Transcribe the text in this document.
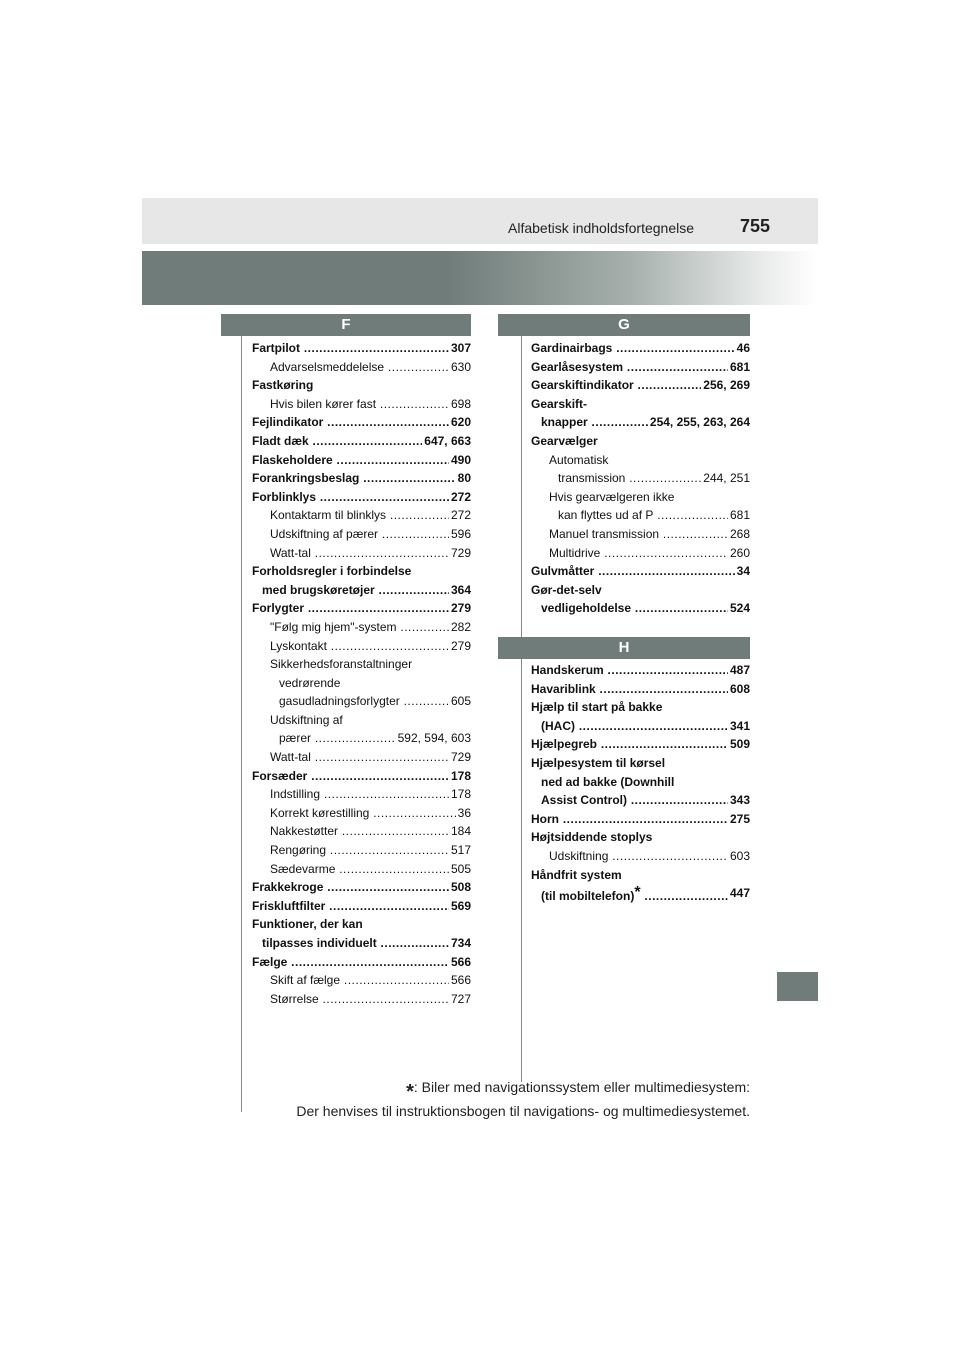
Alfabetisk indholdsfortegnelse	755
F	G
H
Fartpilot	307
.....
Advarselsmeddelelse	630
.....
Fastkøring
Hvis bilen kører fast	698
.....
Fejlindikator	620
.....
Fladt dæk	647, 663
.....
Flaskeholdere	490
.....
Forankringsbeslag	80
.....
Forblinklys	272
.....
Kontaktarm til blinklys	272
.....
Udskiftning af pærer	596
.....
Watt-tal	729
.....
Forholdsregler i forbindelse
med brugskøretøjer	364
.....
Forlygter	279
.....
"Følg mig hjem"-system	282
.....
Lyskontakt	279
.....
Sikkerhedsforanstaltninger
vedrørende
gasudladningsforlygter	605
.....
Udskiftning af
pærer	592, 594, 603
.....
Watt-tal	729
.....
Forsæder	178
.....
Indstilling	178
.....
Korrekt kørestilling	36
.....
Nakkestøtter	184
.....
Rengøring	517
.....
Sædevarme	505
.....
Frakkekroge	508
.....
Friskluftfilter	569
.....
Funktioner, der kan
tilpasses individuelt	734
.....
Fælge	566
.....
Skift af fælge	566
.....
Størrelse	727
.....
Gardinairbags	46
.....
Gearlåsesystem	681
.....
Gearskiftindikator	256, 269
.....
Gearskift-
knapper	254, 255, 263, 264
.....
Gearvælger
Automatisk
transmission	244, 251
.....
Hvis gearvælgeren ikke
kan flyttes ud af P	681
.....
Manuel transmission	268
.....
Multidrive	260
.....
Gulvmåtter	34
.....
Gør-det-selv
vedligeholdelse	524
.....
Handskerum	487
.....
Havariblink	608
.....
Hjælp til start på bakke
(HAC)	341
.....
Hjælpegreb	509
.....
Hjælpesystem til kørsel
ned ad bakke (Downhill
Assist Control)	343
.....
Horn	275
.....
Højtsiddende stoplys
Udskiftning	603
.....
Håndfrit system
(til mobiltelefon)*	447
.....
*: Biler med navigationssystem eller multimediesystem:
Der henvises til instruktionsbogen til navigations- og multimediesystemet.
